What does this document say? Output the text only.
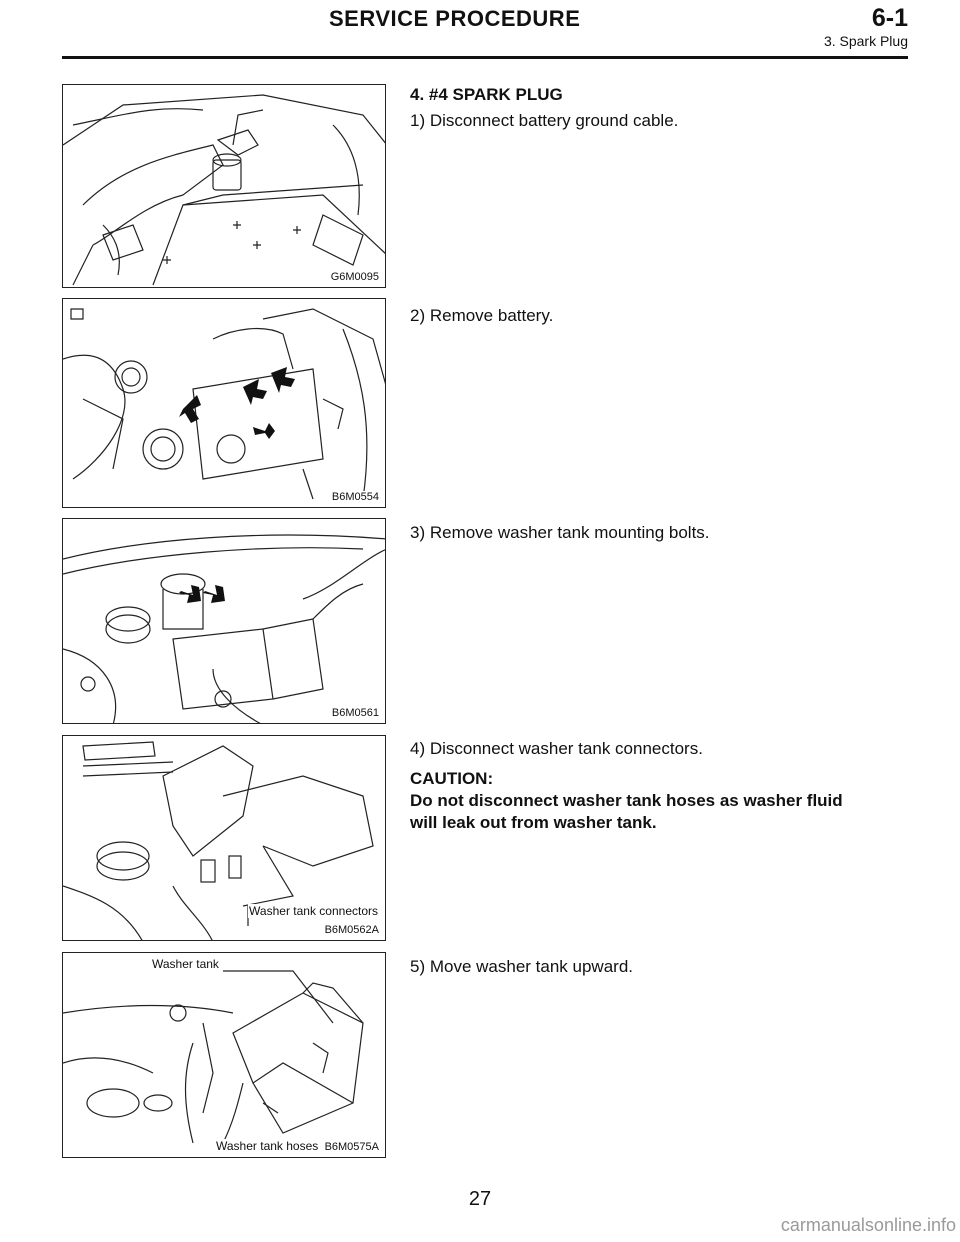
SERVICE PROCEDURE	6-1
3. Spark Plug
G6M0095
4. #4 SPARK PLUG
1) Disconnect battery ground cable.
B6M0554
2) Remove battery.
B6M0561
3) Remove washer tank mounting bolts.
Washer tank connectors
B6M0562A
4) Disconnect washer tank connectors.
CAUTION:
Do not disconnect washer tank hoses as washer fluid
will leak out from washer tank.
Washer tank
Washer tank hoses B6M0575A
5) Move washer tank upward.
27
carmanualsonline.info
